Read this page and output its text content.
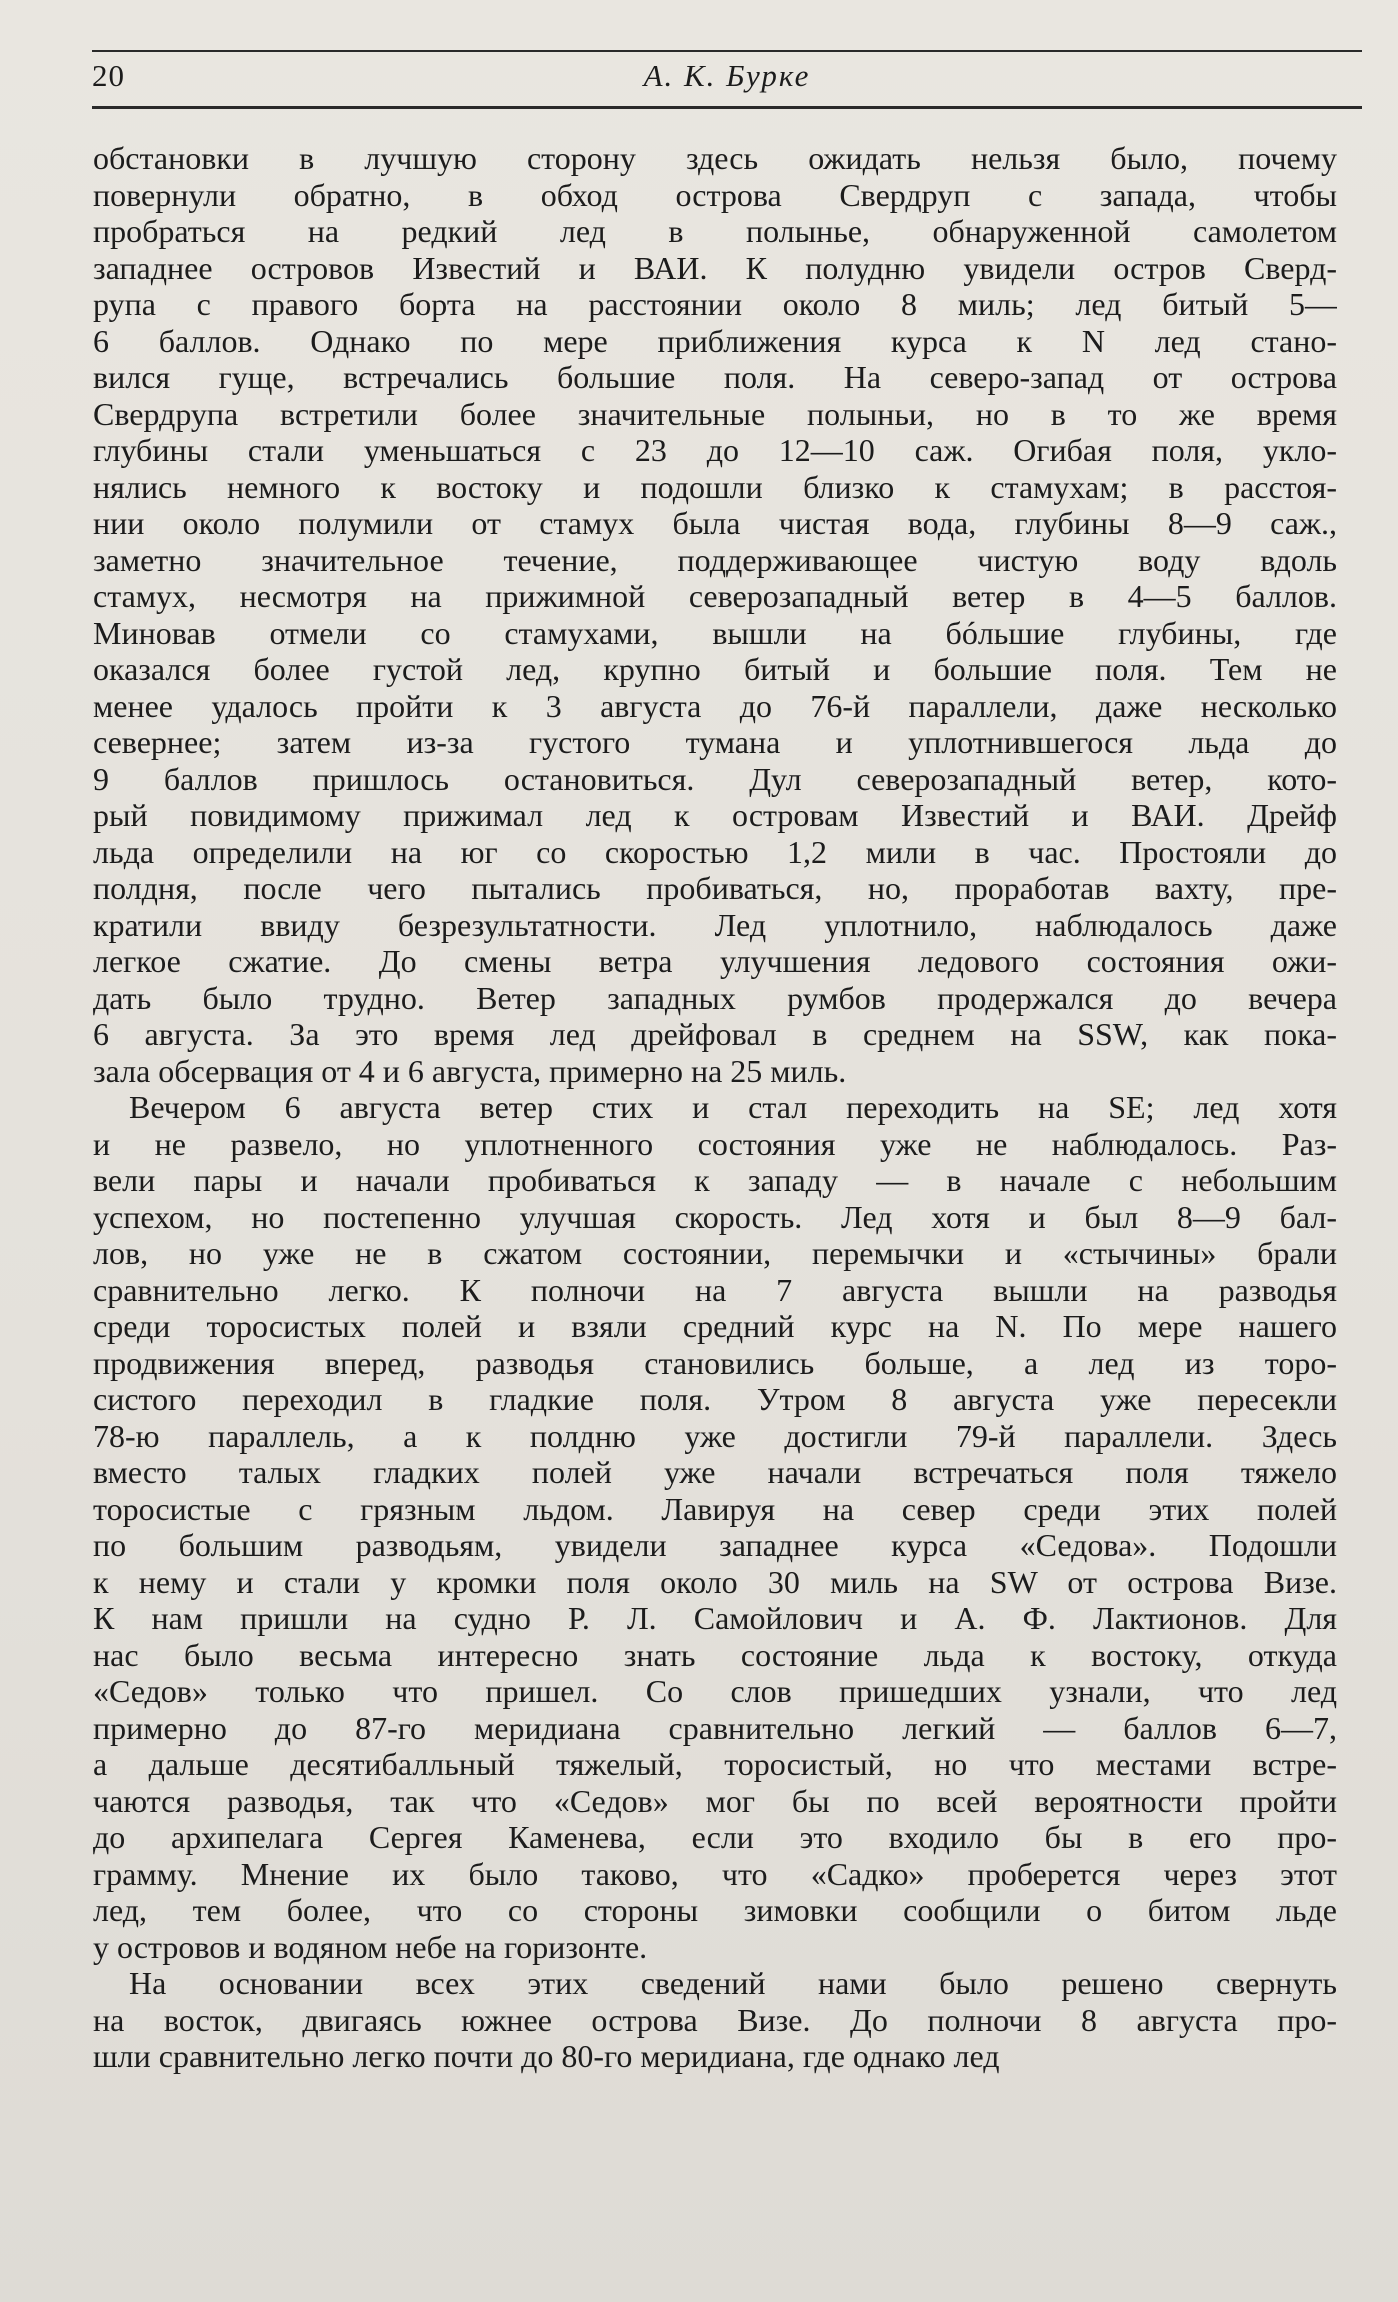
20	А. К. Бурке
обстановки в лучшую сторону здесь ожидать нельзя было, почему
повернули обратно, в обход острова Свердруп с запада, чтобы
пробраться на редкий лед в полынье, обнаруженной самолетом
западнее островов Известий и ВАИ. К полудню увидели остров Сверд-
рупа с правого борта на расстоянии около 8 миль; лед битый 5—
6 баллов. Однако по мере приближения курса к N лед стано-
вился гуще, встречались большие поля. На северо-запад от острова
Свердрупа встретили более значительные полыньи, но в то же время
глубины стали уменьшаться с 23 до 12—10 саж. Огибая поля, укло-
нялись немного к востоку и подошли близко к стамухам; в расстоя-
нии около полумили от стамух была чистая вода, глубины 8—9 саж.,
заметно значительное течение, поддерживающее чистую воду вдоль
стамух, несмотря на прижимной северозападный ветер в 4—5 баллов.
Миновав отмели со стамухами, вышли на бóльшие глубины, где
оказался более густой лед, крупно битый и большие поля. Тем не
менее удалось пройти к 3 августа до 76-й параллели, даже несколько
севернее; затем из-за густого тумана и уплотнившегося льда до
9 баллов пришлось остановиться. Дул северозападный ветер, кото-
рый повидимому прижимал лед к островам Известий и ВАИ. Дрейф
льда определили на юг со скоростью 1,2 мили в час. Простояли до
полдня, после чего пытались пробиваться, но, проработав вахту, пре-
кратили ввиду безрезультатности. Лед уплотнило, наблюдалось даже
легкое сжатие. До смены ветра улучшения ледового состояния ожи-
дать было трудно. Ветер западных румбов продержался до вечера
6 августа. За это время лед дрейфовал в среднем на SSW, как пока-
зала обсервация от 4 и 6 августа, примерно на 25 миль.
Вечером 6 августа ветер стих и стал переходить на SE; лед хотя
и не развело, но уплотненного состояния уже не наблюдалось. Раз-
вели пары и начали пробиваться к западу — в начале с небольшим
успехом, но постепенно улучшая скорость. Лед хотя и был 8—9 бал-
лов, но уже не в сжатом состоянии, перемычки и «стычины» брали
сравнительно легко. К полночи на 7 августа вышли на разводья
среди торосистых полей и взяли средний курс на N. По мере нашего
продвижения вперед, разводья становились больше, а лед из торо-
систого переходил в гладкие поля. Утром 8 августа уже пересекли
78-ю параллель, а к полдню уже достигли 79-й параллели. Здесь
вместо талых гладких полей уже начали встречаться поля тяжело
торосистые с грязным льдом. Лавируя на север среди этих полей
по большим разводьям, увидели западнее курса «Седова». Подошли
к нему и стали у кромки поля около 30 миль на SW от острова Визе.
К нам пришли на судно Р. Л. Самойлович и А. Ф. Лактионов. Для
нас было весьма интересно знать состояние льда к востоку, откуда
«Седов» только что пришел. Со слов пришедших узнали, что лед
примерно до 87-го меридиана сравнительно легкий — баллов 6—7,
а дальше десятибалльный тяжелый, торосистый, но что местами встре-
чаются разводья, так что «Седов» мог бы по всей вероятности пройти
до архипелага Сергея Каменева, если это входило бы в его про-
грамму. Мнение их было таково, что «Садко» проберется через этот
лед, тем более, что со стороны зимовки сообщили о битом льде
у островов и водяном небе на горизонте.
На основании всех этих сведений нами было решено свернуть
на восток, двигаясь южнее острова Визе. До полночи 8 августа про-
шли сравнительно легко почти до 80-го меридиана, где однако лед
